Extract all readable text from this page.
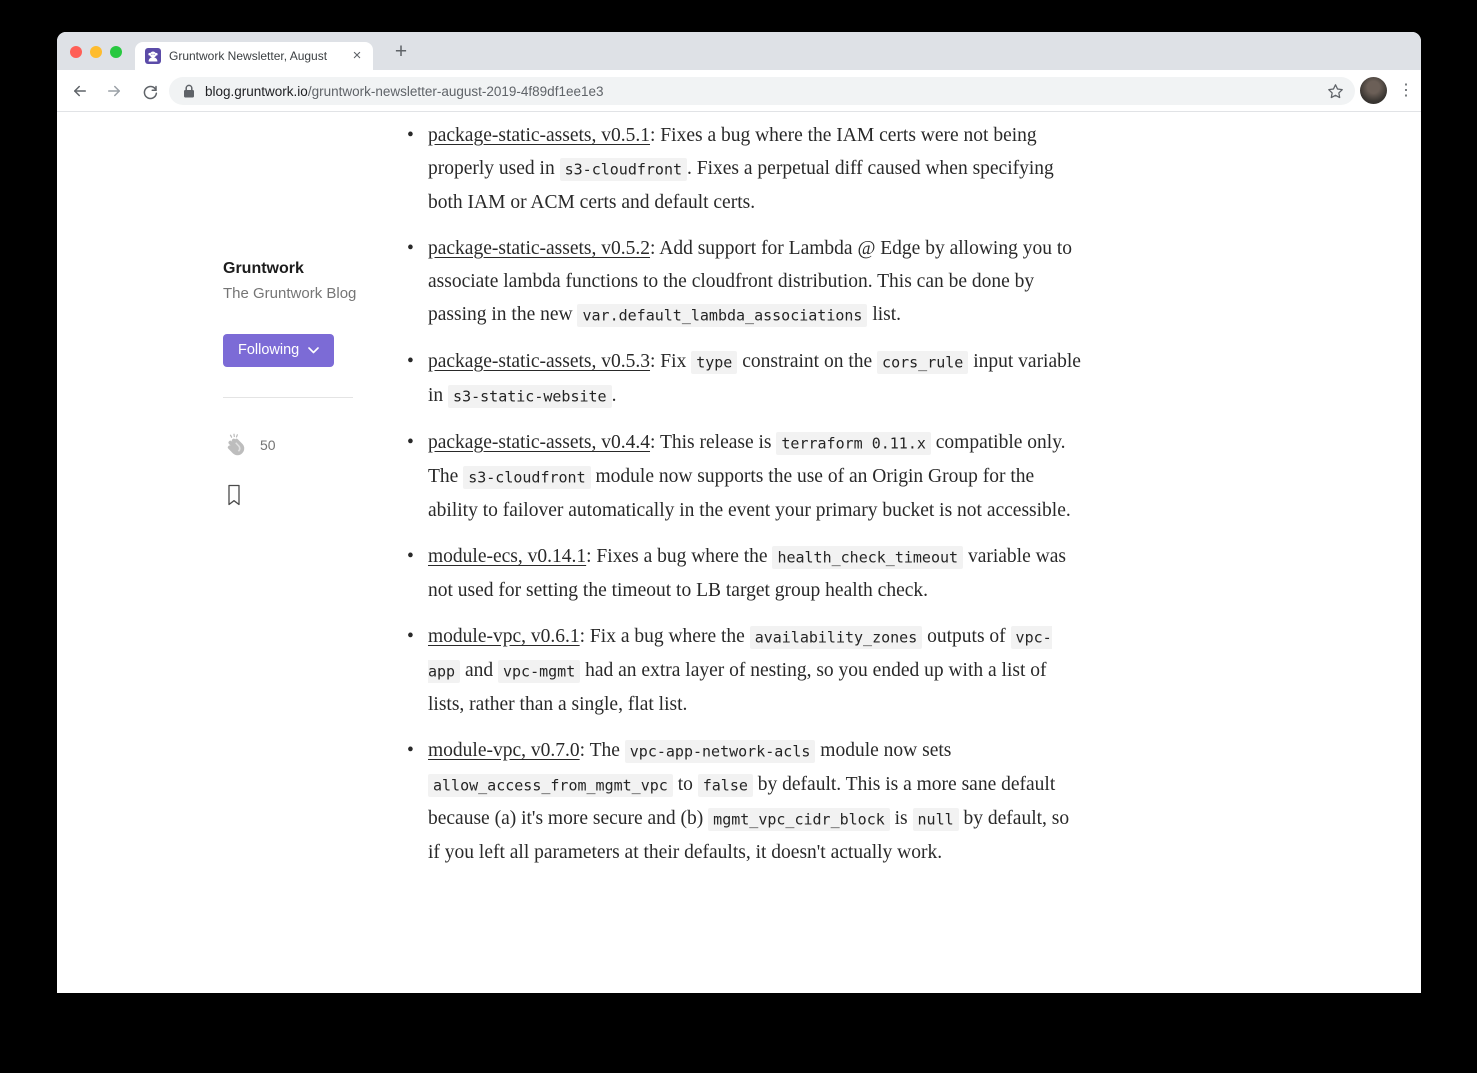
Gruntwork Newsletter, August	×	+
blog.gruntwork.io/gruntwork-newsletter-august-2019-4f89df1ee1e3	⋮
Gruntwork
The Gruntwork Blog
Following
50
• package-static-assets, v0.5.1: Fixes a bug where the IAM certs were not being properly used in s3-cloudfront . Fixes a perpetual diff caused when specifying both IAM or ACM certs and default certs.
• package-static-assets, v0.5.2: Add support for Lambda @ Edge by allowing you to associate lambda functions to the cloudfront distribution. This can be done by passing in the new var.default_lambda_associations list.
• package-static-assets, v0.5.3: Fix type constraint on the cors_rule input variable in s3-static-website .
• package-static-assets, v0.4.4: This release is terraform 0.11.x compatible only. The s3-cloudfront module now supports the use of an Origin Group for the ability to failover automatically in the event your primary bucket is not accessible.
• module-ecs, v0.14.1: Fixes a bug where the health_check_timeout variable was not used for setting the timeout to LB target group health check.
• module-vpc, v0.6.1: Fix a bug where the availability_zones outputs of vpc-app and vpc-mgmt had an extra layer of nesting, so you ended up with a list of lists, rather than a single, flat list.
• module-vpc, v0.7.0: The vpc-app-network-acls module now sets allow_access_from_mgmt_vpc to false by default. This is a more sane default because (a) it's more secure and (b) mgmt_vpc_cidr_block is null by default, so if you left all parameters at their defaults, it doesn't actually work.
